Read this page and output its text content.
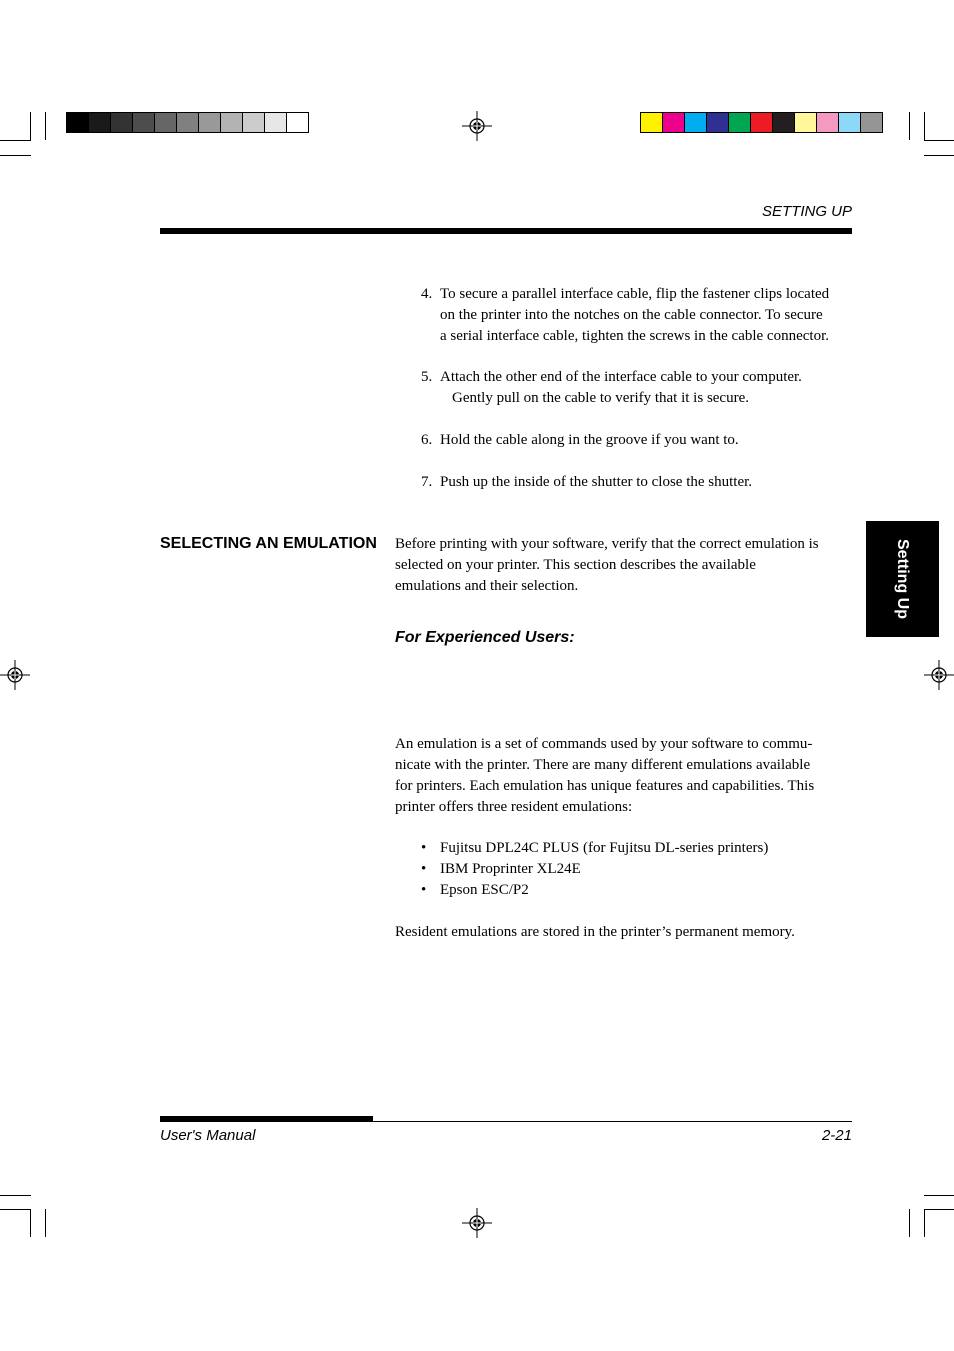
SETTING UP
4. To secure a parallel interface cable, flip the fastener clips located
on the printer into the notches on the cable connector. To secure
a serial interface cable, tighten the screws in the cable connector.
5. Attach the other end of the interface cable to your computer.
Gently pull on the cable to verify that it is secure.
6. Hold the cable along in the groove if you want to.
7. Push up the inside of the shutter to close the shutter.
SELECTING AN EMULATION Before printing with your software, verify that the correct emulation is
selected on your printer. This section describes the available
emulations and their selection.
For Experienced Users:
An emulation is a set of commands used by your software to commu-
nicate with the printer. There are many different emulations available
for printers. Each emulation has unique features and capabilities. This
printer offers three resident emulations:
• Fujitsu DPL24C PLUS (for Fujitsu DL-series printers)
• IBM Proprinter XL24E
• Epson ESC/P2
Resident emulations are stored in the printer’s permanent memory.
Setting Up
User's Manual	2-21
